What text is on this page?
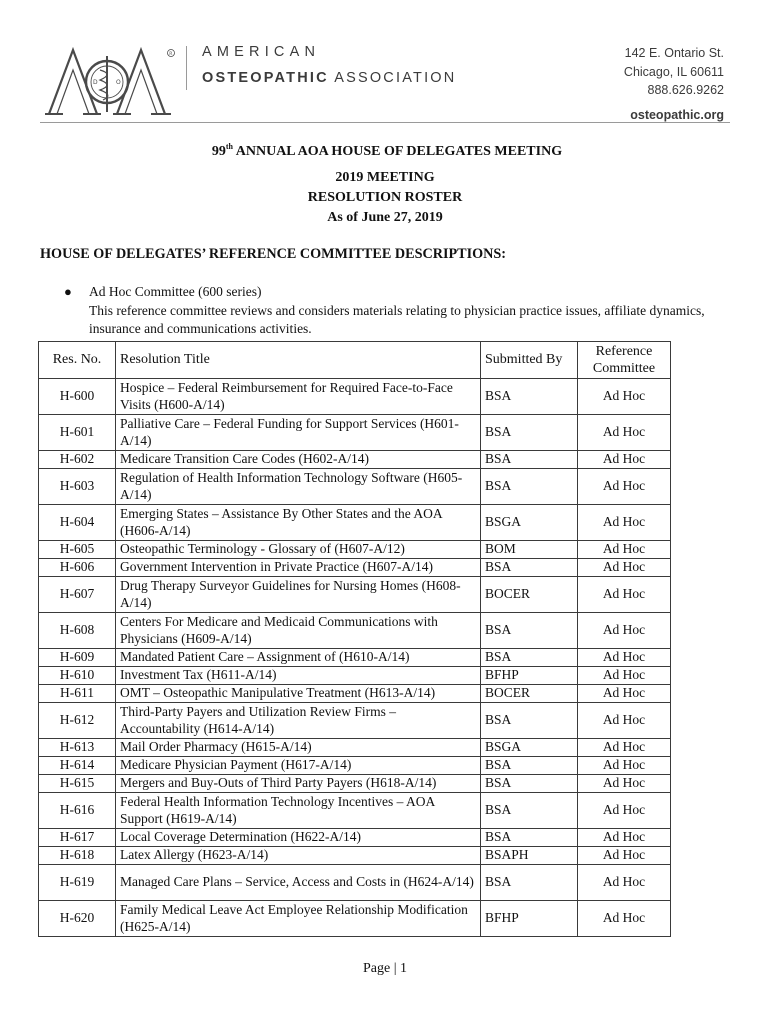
D	O
R AMERICAN
OSTEOPATHIC ASSOCIATION
142 E. Ontario St.
Chicago, IL 60611
888.626.9262
osteopathic.org
99th ANNUAL AOA HOUSE OF DELEGATES MEETING
2019 MEETING
RESOLUTION ROSTER
As of June 27, 2019
HOUSE OF DELEGATES’ REFERENCE COMMITTEE DESCRIPTIONS:
● Ad Hoc Committee (600 series)
This reference committee reviews and considers materials relating to physician practice issues, affiliate dynamics, insurance and communications activities.
Res. No.	Resolution Title	Submitted By	Reference Committee
H-600	Hospice – Federal Reimbursement for Required Face-to-Face Visits (H600-A/14)	BSA	Ad Hoc
H-601	Palliative Care – Federal Funding for Support Services (H601-A/14)	BSA	Ad Hoc
H-602	Medicare Transition Care Codes (H602-A/14)	BSA	Ad Hoc
H-603	Regulation of Health Information Technology Software (H605-A/14)	BSA	Ad Hoc
H-604	Emerging States – Assistance By Other States and the AOA (H606-A/14)	BSGA	Ad Hoc
H-605	Osteopathic Terminology - Glossary of (H607-A/12)	BOM	Ad Hoc
H-606	Government Intervention in Private Practice (H607-A/14)	BSA	Ad Hoc
H-607	Drug Therapy Surveyor Guidelines for Nursing Homes (H608-A/14)	BOCER	Ad Hoc
H-608	Centers For Medicare and Medicaid Communications with Physicians (H609-A/14)	BSA	Ad Hoc
H-609	Mandated Patient Care – Assignment of (H610-A/14)	BSA	Ad Hoc
H-610	Investment Tax (H611-A/14)	BFHP	Ad Hoc
H-611	OMT – Osteopathic Manipulative Treatment (H613-A/14)	BOCER	Ad Hoc
H-612	Third-Party Payers and Utilization Review Firms – Accountability (H614-A/14)	BSA	Ad Hoc
H-613	Mail Order Pharmacy (H615-A/14)	BSGA	Ad Hoc
H-614	Medicare Physician Payment (H617-A/14)	BSA	Ad Hoc
H-615	Mergers and Buy-Outs of Third Party Payers (H618-A/14)	BSA	Ad Hoc
H-616	Federal Health Information Technology Incentives – AOA Support (H619-A/14)	BSA	Ad Hoc
H-617	Local Coverage Determination (H622-A/14)	BSA	Ad Hoc
H-618	Latex Allergy (H623-A/14)	BSAPH	Ad Hoc
H-619	Managed Care Plans – Service, Access and Costs in (H624-A/14)	BSA	Ad Hoc
H-620	Family Medical Leave Act Employee Relationship Modification (H625-A/14)	BFHP	Ad Hoc
Page | 1
